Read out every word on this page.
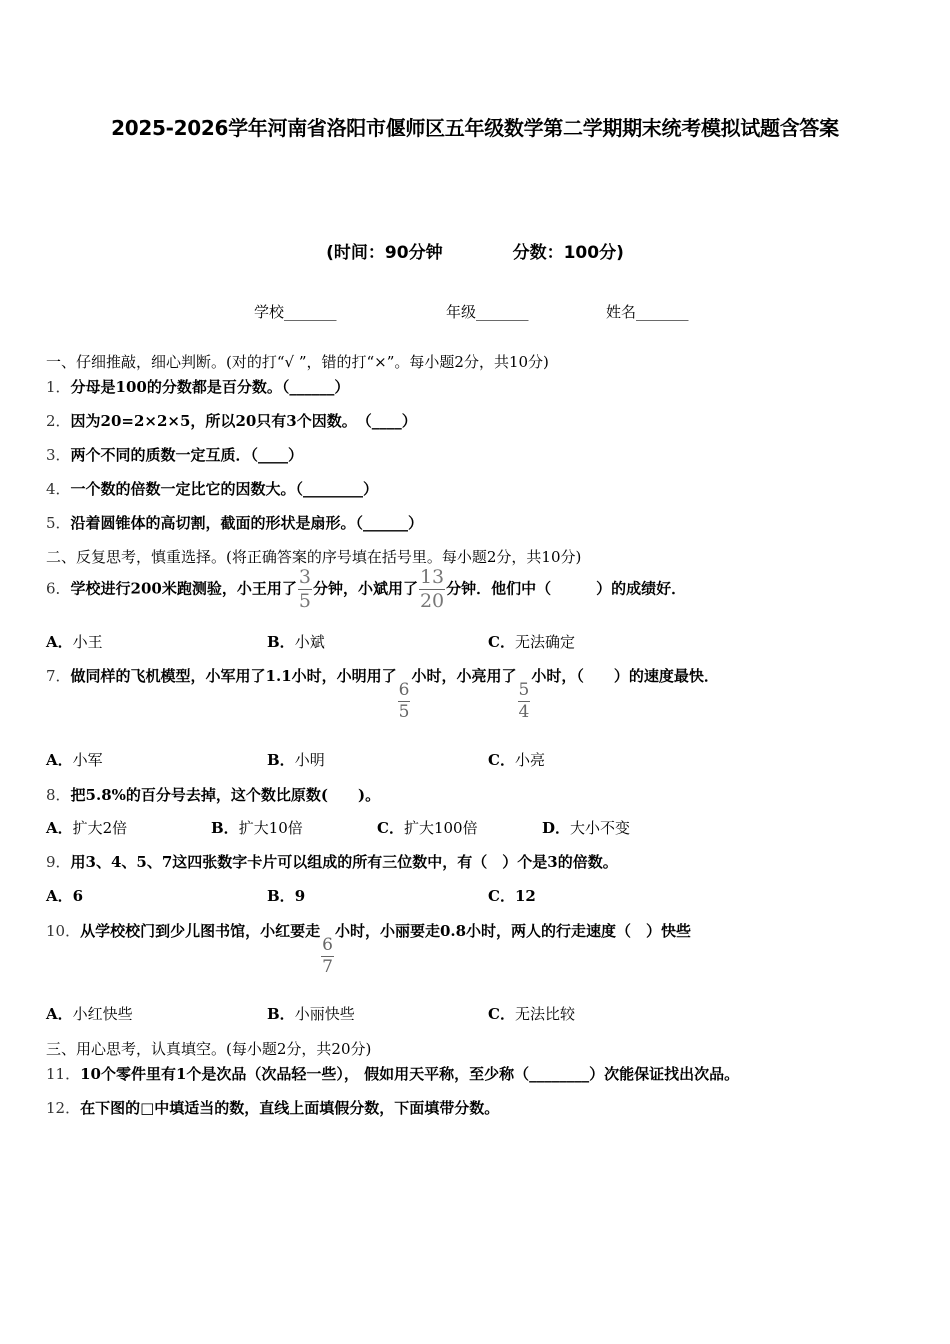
2025-2026学年河南省洛阳市偃师区五年级数学第二学期期末统考模拟试题含答案
(时间：90分钟	分数：100分)
学校_______	年级_______	姓名_______
一、仔细推敲，细心判断。(对的打“√ ”，错的打“×”。每小题2分，共10分)
1．分母是100的分数都是百分数。（______）
2．因为20=2×2×5，所以20只有3个因数。　（____）
3．两个不同的质数一定互质．（____）
4．一个数的倍数一定比它的因数大。（________）
5．沿着圆锥体的高切割，截面的形状是扇形。（______）
二、反复思考，慎重选择。(将正确答案的序号填在括号里。每小题2分，共10分)
6．学校进行200米跑测验，小王用了 $\frac{3}{5}$ 分钟，小斌用了 $\frac{13}{20}$ 分钟．他们中（　　　）的成绩好．
A．小王	B．小斌	C．无法确定
7．做同样的飞机模型，小军用了1.1小时，小明用了
$\frac{6}{5}$
小时，小亮用了
$\frac{5}{4}$
小时，（　　）的速度最快．
A．小军	B．小明	C．小亮
8．把5.8%的百分号去掉，这个数比原数(　　)。
A．扩大2倍	B．扩大10倍	C．扩大100倍	D．大小不变
9．用3、4、5、7这四张数字卡片可以组成的所有三位数中，有（　）个是3的倍数。
A．6	B．9	C．12
10．从学校校门到少儿图书馆，小红要走
$\frac{6}{7}$
小时，小丽要走0.8小时，两人的行走速度（　）快些
A．小红快些	B．小丽快些	C．无法比较
三、用心思考，认真填空。(每小题2分，共20分)
11．10个零件里有1个是次品（次品轻一些）， 假如用天平称，至少称（________）次能保证找出次品。
12．在下图的□中填适当的数，直线上面填假分数，下面填带分数。
